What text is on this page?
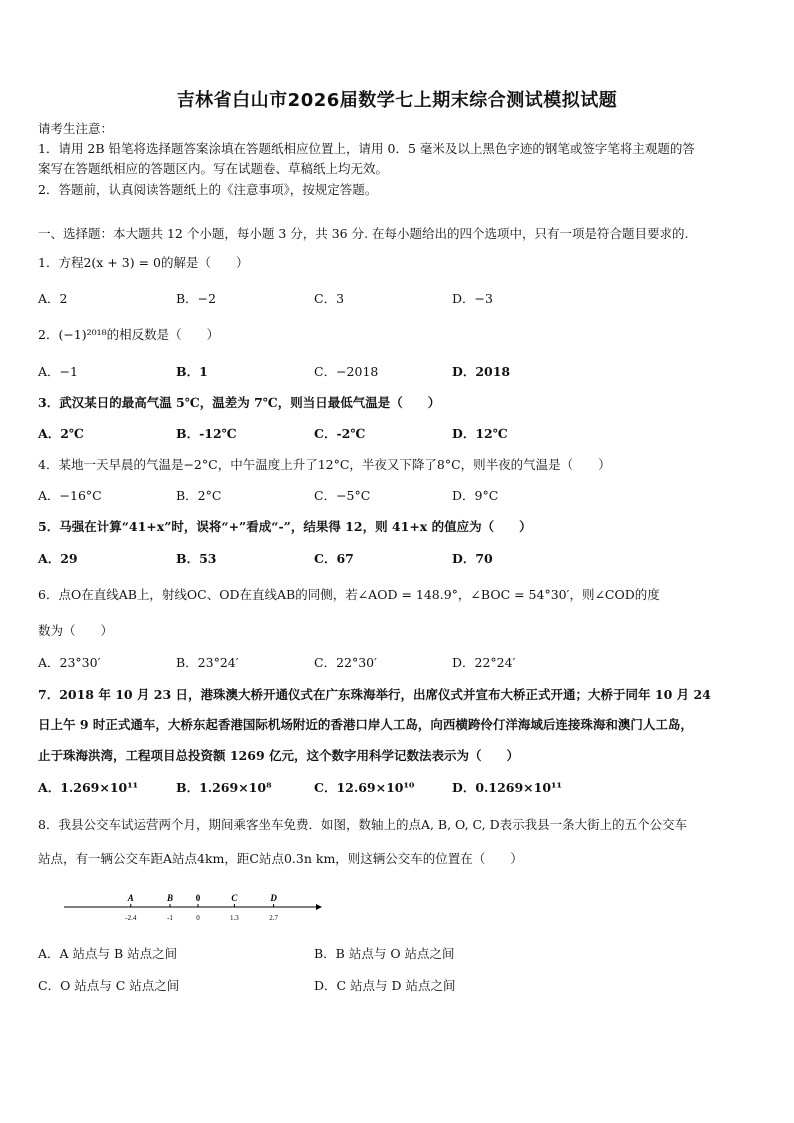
吉林省白山市2026届数学七上期末综合测试模拟试题
请考生注意：
1．请用 2B 铅笔将选择题答案涂填在答题纸相应位置上，请用 0．5 毫米及以上黑色字迹的钢笔或签字笔将主观题的答
案写在答题纸相应的答题区内。写在试题卷、草稿纸上均无效。
2．答题前，认真阅读答题纸上的《注意事项》，按规定答题。
一、选择题：本大题共 12 个小题，每小题 3 分，共 36 分. 在每小题给出的四个选项中，只有一项是符合题目要求的.
1．方程2(x + 3) = 0的解是（　　）
A．2	B．−2	C．3	D．−3
2．(−1)²⁰¹⁸的相反数是（　　）
A．−1	B．1	C．−2018	D．2018
3．武汉某日的最高气温 5℃，温差为 7℃，则当日最低气温是（　　）
A．2℃	B．-12℃	C．-2℃	D．12℃
4．某地一天早晨的气温是−2°C，中午温度上升了12°C，半夜又下降了8°C，则半夜的气温是（　　）
A．−16°C	B．2°C	C．−5°C	D．9°C
5．马强在计算“41+x”时，误将“+”看成“-”，结果得 12，则 41+x 的值应为（　　）
A．29	B．53	C．67	D．70
6．点O在直线AB上，射线OC、OD在直线AB的同侧，若∠AOD = 148.9°，∠BOC = 54°30′，则∠COD的度
数为（　　）
A．23°30′	B．23°24′	C．22°30′	D．22°24′
7．2018 年 10 月 23 日，港珠澳大桥开通仪式在广东珠海举行，出席仪式并宣布大桥正式开通；大桥于同年 10 月 24
日上午 9 时正式通车，大桥东起香港国际机场附近的香港口岸人工岛，向西横跨伶仃洋海域后连接珠海和澳门人工岛，
止于珠海洪湾，工程项目总投资额 1269 亿元，这个数字用科学记数法表示为（　　）
A．1.269×10¹¹	B．1.269×10⁸	C．12.69×10¹⁰	D．0.1269×10¹¹
8．我县公交车试运营两个月，期间乘客坐车免费．如图，数轴上的点A, B, O, C, D表示我县一条大街上的五个公交车
站点，有一辆公交车距A站点4km，距C站点0.3n km，则这辆公交车的位置在（　　）
A
-2.4
B
-1
0
0
C
1.3
D
2.7
A．A 站点与 B 站点之间	B．B 站点与 O 站点之间
C．O 站点与 C 站点之间	D．C 站点与 D 站点之间
